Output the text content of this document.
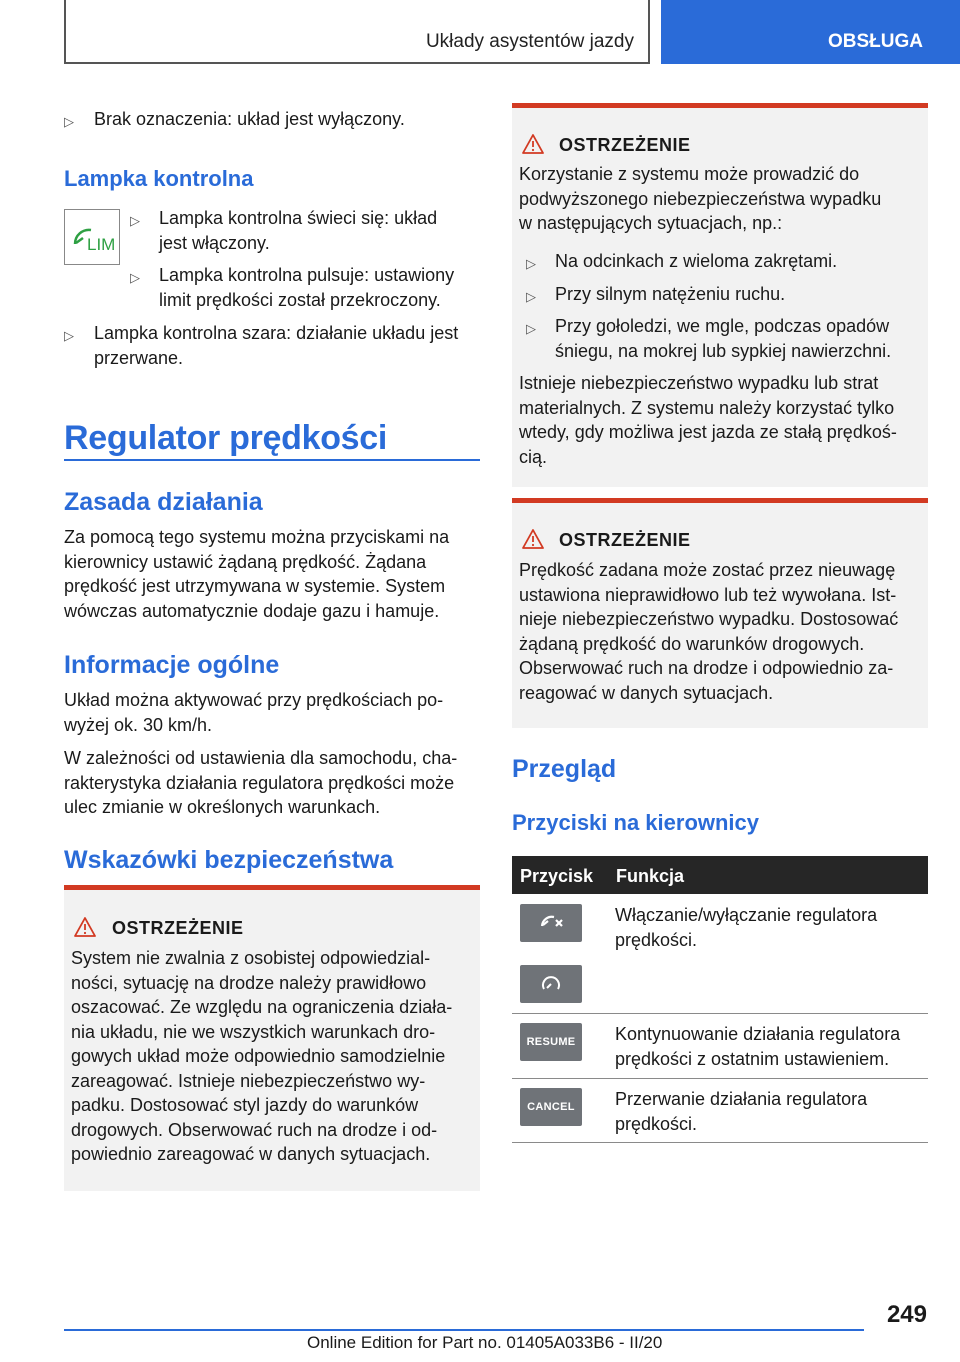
Układy asystentów jazdy	OBSŁUGA
▷	Brak oznaczenia: układ jest wyłączony.
Lampka kontrolna
LIM
▷	Lampka kontrolna świeci się: układ
jest włączony.
▷	Lampka kontrolna pulsuje: ustawiony
limit prędkości został przekroczony.
▷	Lampka kontrolna szara: działanie układu jest
przerwane.
Regulator prędkości
Zasada działania
Za pomocą tego systemu można przyciskami na
kierownicy ustawić żądaną prędkość. Żądana
prędkość jest utrzymywana w systemie. System
wówczas automatycznie dodaje gazu i hamuje.
Informacje ogólne
Układ można aktywować przy prędkościach po-
wyżej ok. 30 km/h.
W zależności od ustawienia dla samochodu, cha-
rakterystyka działania regulatora prędkości może
ulec zmianie w określonych warunkach.
Wskazówki bezpieczeństwa
OSTRZEŻENIE
System nie zwalnia z osobistej odpowiedzial-
ności, sytuację na drodze należy prawidłowo
oszacować. Ze względu na ograniczenia działa-
nia układu, nie we wszystkich warunkach dro-
gowych układ może odpowiednio samodzielnie
zareagować. Istnieje niebezpieczeństwo wy-
padku. Dostosować styl jazdy do warunków
drogowych. Obserwować ruch na drodze i od-
powiednio zareagować w danych sytuacjach.
OSTRZEŻENIE
Korzystanie z systemu może prowadzić do
podwyższonego niebezpieczeństwa wypadku
w następujących sytuacjach, np.:
▷	Na odcinkach z wieloma zakrętami.
▷	Przy silnym natężeniu ruchu.
▷	Przy gołoledzi, we mgle, podczas opadów
śniegu, na mokrej lub sypkiej nawierzchni.
Istnieje niebezpieczeństwo wypadku lub strat
materialnych. Z systemu należy korzystać tylko
wtedy, gdy możliwa jest jazda ze stałą prędkoś-
cią.
OSTRZEŻENIE
Prędkość zadana może zostać przez nieuwagę
ustawiona nieprawidłowo lub też wywołana. Ist-
nieje niebezpieczeństwo wypadku. Dostosować
żądaną prędkość do warunków drogowych.
Obserwować ruch na drodze i odpowiednio za-
reagować w danych sytuacjach.
Przegląd
Przyciski na kierownicy
Przycisk Funkcja
Włączanie/wyłączanie regulatora
prędkości.
RESUME	Kontynuowanie działania regulatora
prędkości z ostatnim ustawieniem.
CANCEL	Przerwanie działania regulatora
prędkości.
249
Online Edition for Part no. 01405A033B6 - II/20
